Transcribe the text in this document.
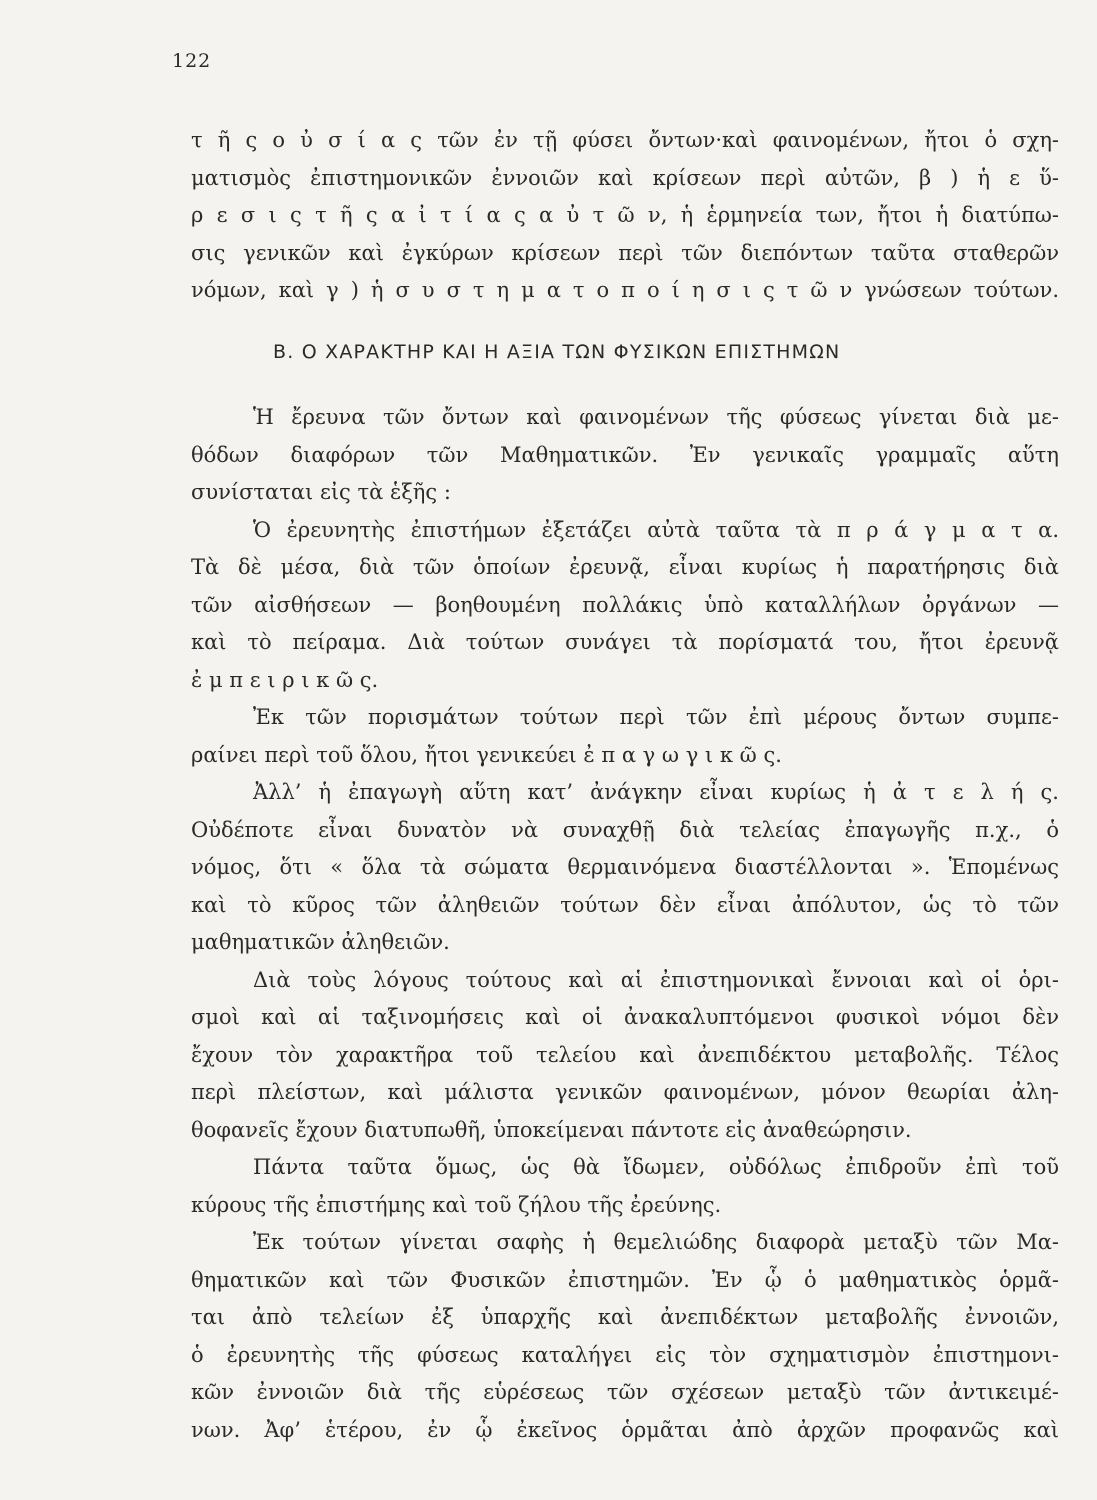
122
τ ῆ ς ο ὐ σ ί α ς τῶν ἐν τῇ φύσει ὄντων·καὶ φαινομένων, ἤτοι ὁ σχη-
ματισμὸς ἐπιστημονικῶν ἐννοιῶν καὶ κρίσεων περὶ αὐτῶν, β ) ἡ ε ὕ-
ρ ε σ ι ς τ ῆ ς α ἰ τ ί α ς α ὐ τ ῶ ν, ἡ ἑρμηνεία των, ἤτοι ἡ διατύπω-
σις γενικῶν καὶ ἐγκύρων κρίσεων περὶ τῶν διεπόντων ταῦτα σταθερῶν
νόμων, καὶ γ ) ἡ σ υ σ τ η μ α τ ο π ο ί η σ ι ς τ ῶ ν γνώσεων τούτων.
Β. Ο ΧΑΡΑΚΤΗΡ ΚΑΙ Η ΑΞΙΑ ΤΩΝ ΦΥΣΙΚΩΝ ΕΠΙΣΤΗΜΩΝ
Ἡ ἔρευνα τῶν ὄντων καὶ φαινομένων τῆς φύσεως γίνεται διὰ με-
θόδων διαφόρων τῶν Μαθηματικῶν. Ἐν γενικαῖς γραμμαῖς αὕτη
συνίσταται εἰς τὰ ἑξῆς :
Ὁ ἐρευνητὴς ἐπιστήμων ἐξετάζει αὐτὰ ταῦτα τὰ π ρ ά γ μ α τ α.
Τὰ δὲ μέσα, διὰ τῶν ὁποίων ἐρευνᾷ, εἶναι κυρίως ἡ παρατήρησις διὰ
τῶν αἰσθήσεων — βοηθουμένη πολλάκις ὑπὸ καταλλήλων ὀργάνων —
καὶ τὸ πείραμα. Διὰ τούτων συνάγει τὰ πορίσματά του, ἤτοι ἐρευνᾷ
ἐ μ π ε ι ρ ι κ ῶ ς.
Ἐκ τῶν πορισμάτων τούτων περὶ τῶν ἐπὶ μέρους ὄντων συμπε-
ραίνει περὶ τοῦ ὅλου, ἤτοι γενικεύει ἐ π α γ ω γ ι κ ῶ ς.
Ἀλλ’ ἡ ἐπαγωγὴ αὕτη κατ’ ἀνάγκην εἶναι κυρίως ἡ ἀ τ ε λ ή ς.
Οὐδέποτε εἶναι δυνατὸν νὰ συναχθῇ διὰ τελείας ἐπαγωγῆς π.χ., ὁ
νόμος, ὅτι « ὅλα τὰ σώματα θερμαινόμενα διαστέλλονται ». Ἑπομένως
καὶ τὸ κῦρος τῶν ἀληθειῶν τούτων δὲν εἶναι ἀπόλυτον, ὡς τὸ τῶν
μαθηματικῶν ἀληθειῶν.
Διὰ τοὺς λόγους τούτους καὶ αἱ ἐπιστημονικαὶ ἔννοιαι καὶ οἱ ὁρι-
σμοὶ καὶ αἱ ταξινομήσεις καὶ οἱ ἀνακαλυπτόμενοι φυσικοὶ νόμοι δὲν
ἔχουν τὸν χαρακτῆρα τοῦ τελείου καὶ ἀνεπιδέκτου μεταβολῆς. Τέλος
περὶ πλείστων, καὶ μάλιστα γενικῶν φαινομένων, μόνον θεωρίαι ἀλη-
θοφανεῖς ἔχουν διατυπωθῆ, ὑποκείμεναι πάντοτε εἰς ἀναθεώρησιν.
Πάντα ταῦτα ὅμως, ὡς θὰ ἴδωμεν, οὐδόλως ἐπιδροῦν ἐπὶ τοῦ
κύρους τῆς ἐπιστήμης καὶ τοῦ ζήλου τῆς ἐρεύνης.
Ἐκ τούτων γίνεται σαφὴς ἡ θεμελιώδης διαφορὰ μεταξὺ τῶν Μα-
θηματικῶν καὶ τῶν Φυσικῶν ἐπιστημῶν. Ἐν ᾧ ὁ μαθηματικὸς ὁρμᾶ-
ται ἀπὸ τελείων ἐξ ὑπαρχῆς καὶ ἀνεπιδέκτων μεταβολῆς ἐννοιῶν,
ὁ ἐρευνητὴς τῆς φύσεως καταλήγει εἰς τὸν σχηματισμὸν ἐπιστημονι-
κῶν ἐννοιῶν διὰ τῆς εὑρέσεως τῶν σχέσεων μεταξὺ τῶν ἀντικειμέ-
νων. Ἀφ’ ἑτέρου, ἐν ᾧ ἐκεῖνος ὁρμᾶται ἀπὸ ἀρχῶν προφανῶς καὶ
